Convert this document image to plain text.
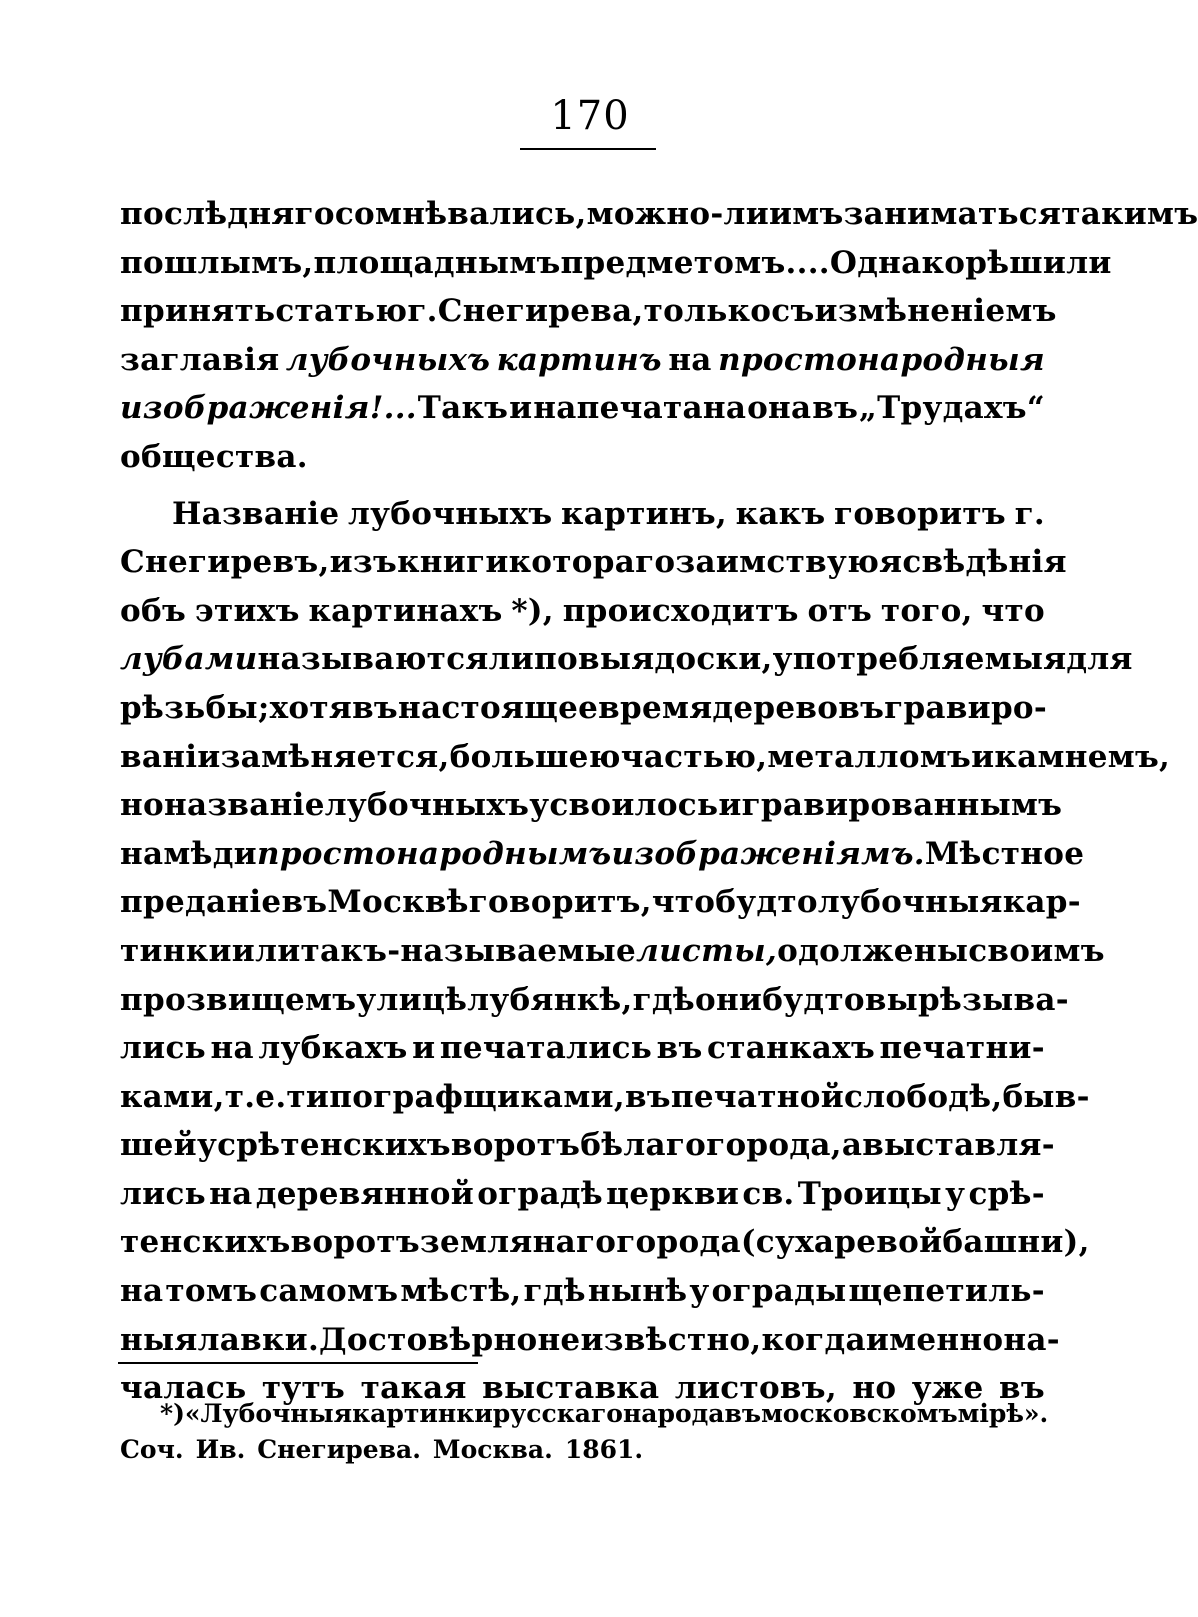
170
послѣдняго сомнѣвались, можно-ли имъ заниматься такимъ
пошлымъ, площаднымъ предметомъ.... Однако рѣшили
принять статью г. Снегирева, только съ измѣненіемъ
заглавія лубочныхъ картинъ на простонародныя
изображенія!... Такъ и напечатана она въ „Трудахъ“
общества.
Названіе лубочныхъ картинъ, какъ говоритъ г.
Снегиревъ, изъ книги котораго заимствую я свѣдѣнія
объ этихъ картинахъ *), происходитъ отъ того, что
лубами называются липовыя доски, употребляемыя для
рѣзьбы; хотя въ настоящее время дерево въ гравиро-
ваніи замѣняется, большею частью, металломъ и камнемъ,
но названіе лубочныхъ усвоилось и гравированнымъ
на мѣди простонароднымъ изображеніямъ. Мѣстное
преданіе въ Москвѣ говоритъ, что будто лубочныя кар-
тинки или такъ-называемые листы, одолжены своимъ
прозвищемъ улицѣ лубянкѣ, гдѣ они будто вырѣзыва-
лись на лубкахъ и печатались въ станкахъ печатни-
ками, т. е. типографщиками, въ печатной слободѣ, быв-
шей у срѣтенскихъ воротъ бѣлаго города, а выставля-
лись на деревянной оградѣ церкви св. Троицы у срѣ-
тенскихъ воротъ землянаго города (сухаревой башни),
на томъ самомъ мѣстѣ, гдѣ нынѣ у ограды щепетиль-
ныя лавки. Достовѣрно неизвѣстно, когда именно на-
чалась тутъ такая выставка листовъ, но уже въ
*) «Лубочныя картинки русскаго народа въ московскомъ мірѣ».
Соч. Ив. Снегирева. Москва. 1861.
